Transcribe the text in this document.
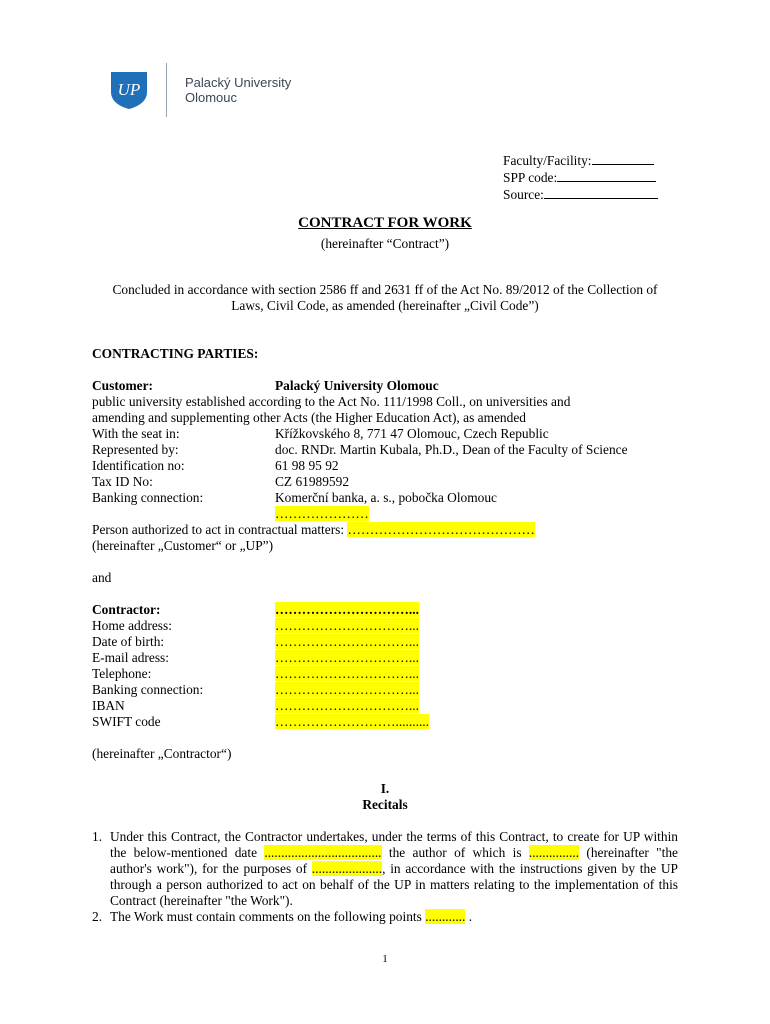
UP	Palacký University
Olomouc
Faculty/Facility:
SPP code:
Source:
CONTRACT FOR WORK
(hereinafter “Contract”)
Concluded in accordance with section 2586 ff and 2631 ff of the Act No. 89/2012 of the Collection of Laws, Civil Code, as amended (hereinafter „Civil Code”)
CONTRACTING PARTIES:
Customer:	Palacký University Olomouc
public university established according to the Act No. 111/1998 Coll., on universities and
amending and supplementing other Acts (the Higher Education Act), as amended
With the seat in:	Křížkovského 8, 771 47 Olomouc, Czech Republic
Represented by:	doc. RNDr. Martin Kubala, Ph.D., Dean of the Faculty of Science
Identification no:	61 98 95 92
Tax ID No:	CZ 61989592
Banking connection:	Komerční banka, a. s., pobočka Olomouc
…………………
Person authorized to act in contractual matters: ……………………………………
(hereinafter „Customer“ or „UP”)
and
Contractor:	…………………………...
Home address:	…………………………...
Date of birth:	…………………………...
E-mail adress:	…………………………...
Telephone:	…………………………...
Banking connection:	…………………………...
IBAN	…………………………...
SWIFT code	………………………..........
(hereinafter „Contractor“)
I.
Recitals
1. Under this Contract, the Contractor undertakes, under the terms of this Contract, to create for UP within the below-mentioned date ................................... the author of which is ............... (hereinafter "the author's work"), for the purposes of ....................., in accordance with the instructions given by the UP through a person authorized to act on behalf of the UP in matters relating to the implementation of this Contract (hereinafter "the Work").
2. The Work must contain comments on the following points ............ .
1
